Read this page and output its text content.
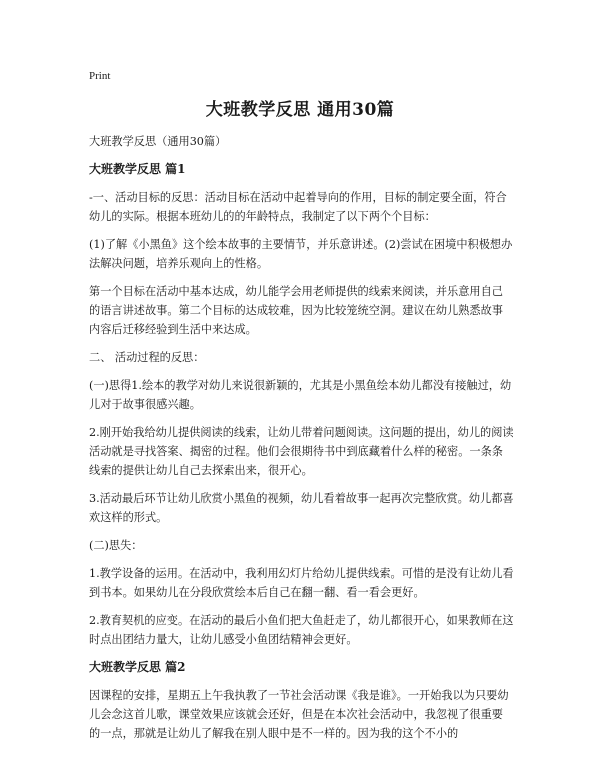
Print
大班教学反思 通用30篇

大班教学反思（通用30篇）

大班教学反思 篇1

-一、活动目标的反思：活动目标在活动中起着导向的作用，目标的制定要全面，符合幼儿的实际。根据本班幼儿的的年龄特点，我制定了以下两个个目标：

(1)了解《小黑鱼》这个绘本故事的主要情节，并乐意讲述。(2)尝试在困境中积极想办法解决问题，培养乐观向上的性格。

第一个目标在活动中基本达成，幼儿能学会用老师提供的线索来阅读，并乐意用自己的语言讲述故事。第二个目标的达成较难，因为比较笼统空洞。建议在幼儿熟悉故事内容后迁移经验到生活中来达成。

二、 活动过程的反思：

(一)思得1.绘本的教学对幼儿来说很新颖的，尤其是小黑鱼绘本幼儿都没有接触过，幼儿对于故事很感兴趣。

2.刚开始我给幼儿提供阅读的线索，让幼儿带着问题阅读。这问题的提出，幼儿的阅读活动就是寻找答案、揭密的过程。他们会很期待书中到底藏着什么样的秘密。一条条线索的提供让幼儿自己去探索出来，很开心。

3.活动最后环节让幼儿欣赏小黑鱼的视频，幼儿看着故事一起再次完整欣赏。幼儿都喜欢这样的形式。

(二)思失：

1.教学设备的运用。在活动中，我利用幻灯片给幼儿提供线索。可惜的是没有让幼儿看到书本。如果幼儿在分段欣赏绘本后自己在翻一翻、看一看会更好。

2.教育契机的应变。在活动的最后小鱼们把大鱼赶走了，幼儿都很开心，如果教师在这时点出团结力量大，让幼儿感受小鱼团结精神会更好。

大班教学反思 篇2

因课程的安排，星期五上午我执教了一节社会活动课《我是谁》。一开始我以为只要幼儿会念这首儿歌，课堂效果应该就会还好，但是在本次社会活动中，我忽视了很重要的一点，那就是让幼儿了解我在别人眼中是不一样的。因为我的这个不小的
